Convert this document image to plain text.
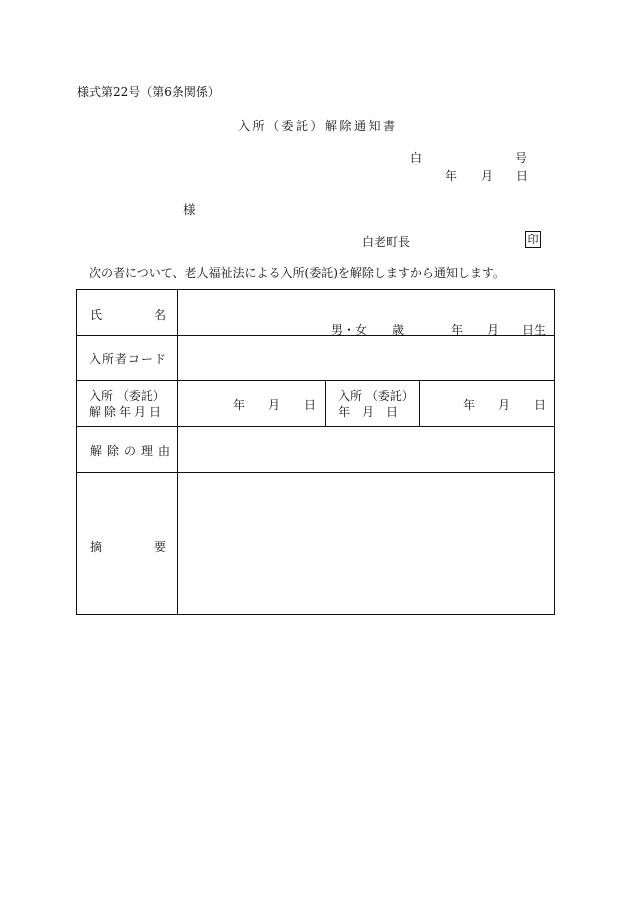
様式第22号（第6条関係）
入所（委託）解除通知書
白	号
年 月 日
様
白老町長	印
次の者について、老人福祉法による入所(委託)を解除しますから通知します。
氏	名
男・女 歳	年 月 日生
入所者コード
入所 （委託）
解除年月日	年 月 日
入所 （委託）
年　月　日	年 月 日
解除の理由
摘	要
